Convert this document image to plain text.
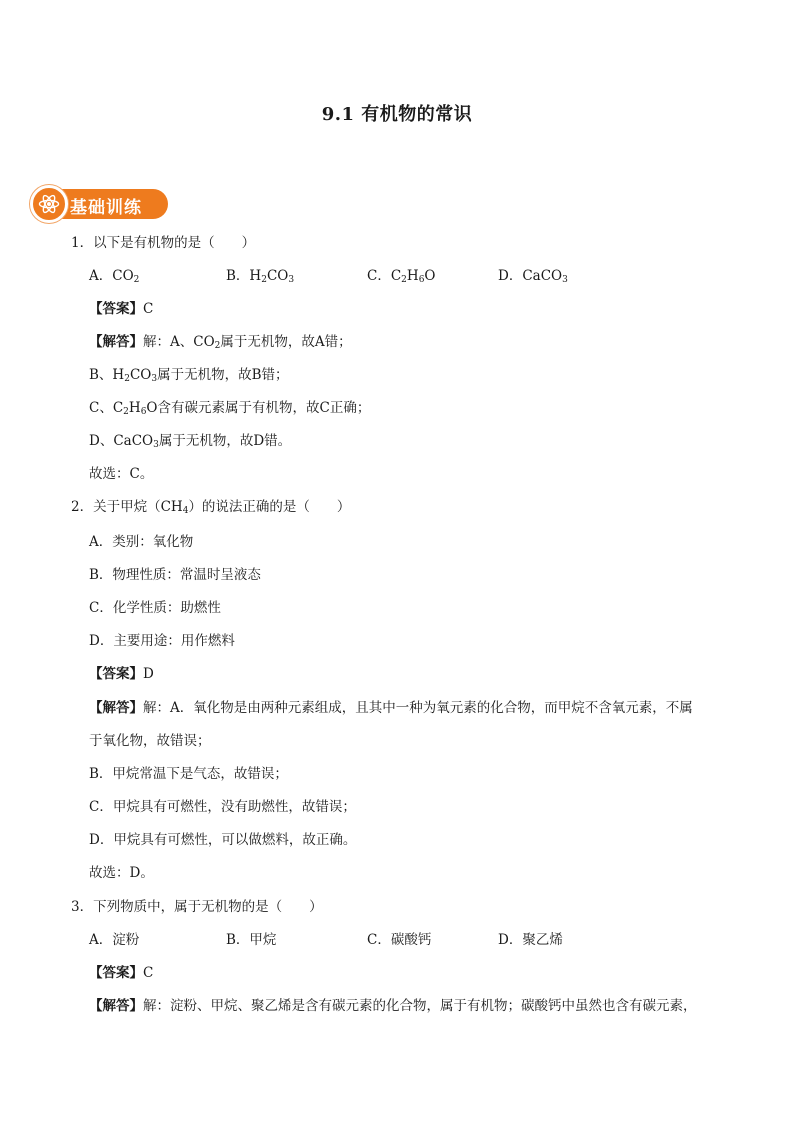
9.1 有机物的常识
基础训练
1．以下是有机物的是（　　）
A．$CO_2$	B．$H_2CO_3$	C．$C_2H_6O$	D．CaCO$_3$
【答案】C
【解答】解：A、$CO_2$属于无机物，故A错；
B、$H_2CO_3$属于无机物，故B错；
C、$C_2H_6O$含有碳元素属于有机物，故C正确；
D、CaCO$_3$属于无机物，故D错。
故选：C。
2．关于甲烷$(CH_4)$的说法正确的是（　　）
A．类别：氧化物
B．物理性质：常温时呈液态
C．化学性质：助燃性
D．主要用途：用作燃料
【答案】D
【解答】解：A．氧化物是由两种元素组成，且其中一种为氧元素的化合物，而甲烷不含氧元素，不属
于氧化物，故错误；
B．甲烷常温下是气态，故错误；
C．甲烷具有可燃性，没有助燃性，故错误；
D．甲烷具有可燃性，可以做燃料，故正确。
故选：D。
3．下列物质中，属于无机物的是（　　）
A．淀粉	B．甲烷	C．碳酸钙	D．聚乙烯
【答案】C
【解答】解：淀粉、甲烷、聚乙烯是含有碳元素的化合物，属于有机物；碳酸钙中虽然也含有碳元素，
